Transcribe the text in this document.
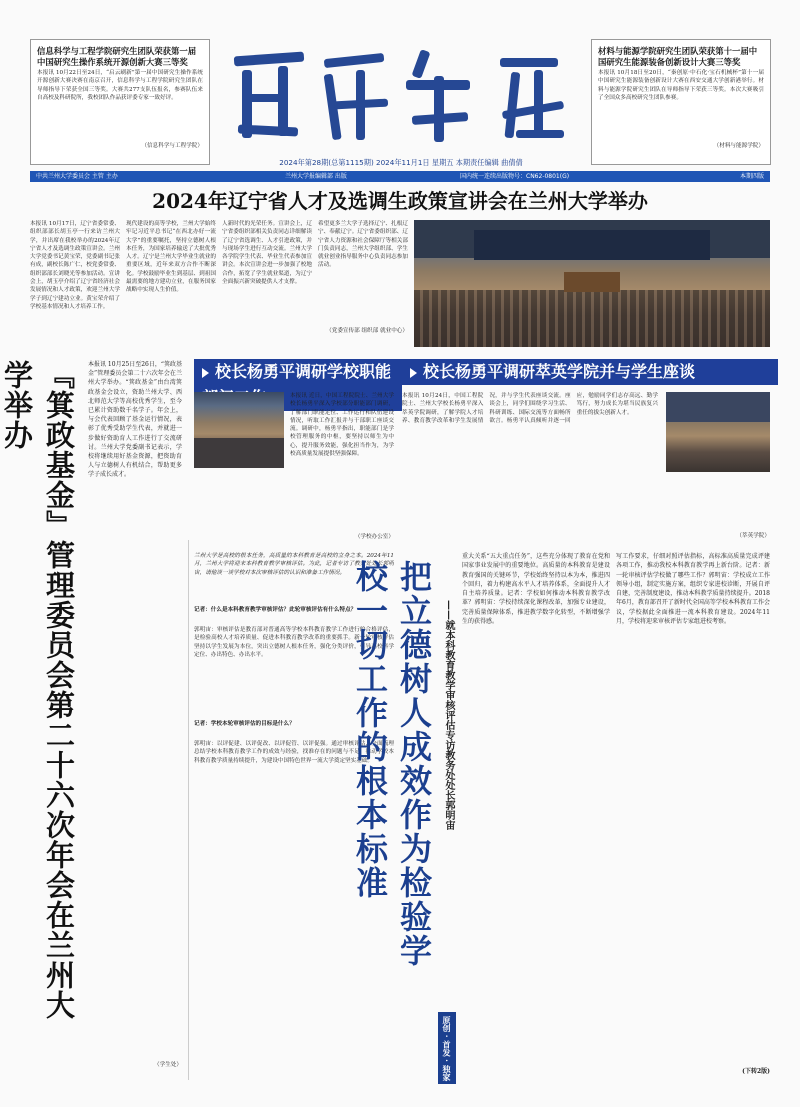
信息科学与工程学院研究生团队荣获第一届中国研究生操作系统开源创新大赛三等奖
本报讯 10月22日至24日，“启云刷新”第一届中国研究生操作系统开源创新大赛决赛在南京召开，信息科学与工程学院研究生团队在导师指导下荣获全国三等奖。大赛共277支队伍报名，参赛队伍来自高校及科研院所，我校团队作品获评委专家一致好评。
（信息科学与工程学院）
材料与能源学院研究生团队荣获第十一届中国研究生能源装备创新设计大赛三等奖
本报讯 10月18日至20日，“秦创原·中石化·宝石机械杯”第十一届中国研究生能源装备创新设计大赛在西安交通大学创新港举行。材料与能源学院研究生团队在导师指导下荣获三等奖。本次大赛吸引了全国众多高校研究生团队参赛。
（材料与能源学院）
2024年第28期(总第1115期) 2024年11月1日 星期五 本期责任编辑 曲倩倩
中共兰州大学委员会 主管 主办	兰州大学报编辑部 出版	国内统一连续出版物号：CN62-0801(G)	本期四版
2024年辽宁省人才及选调生政策宣讲会在兰州大学举办
本报讯 10月17日，辽宁省委常委、组织部部长胡玉亭一行来访兰州大学，并出席在我校举办的2024年辽宁省人才及选调生政策宣讲会。兰州大学党委书记黄宝荣，党委副书记张有成，副校长陈广仁，校党委常委、组织部部长刘晓光等参加活动。宣讲会上，胡玉亭介绍了辽宁省经济社会发展情况和人才政策，欢迎兰州大学学子到辽宁建功立业。黄宝荣介绍了学校基本情况和人才培养工作。
现代建设的高等学校，兰州大学始终牢记习近平总书记“在西北办好一流大学”的重要嘱托，坚持立德树人根本任务，为国家培养输送了大批优秀人才。辽宁是兰州大学毕业生就业的重要区域，近年来双方合作不断深化。学校鼓励毕业生到基层、到祖国最需要的地方建功立业，在服务国家战略中实现人生价值。
人新时代的光荣任务。宣讲会上，辽宁省委组织部相关负责同志详细解读了辽宁省选调生、人才引进政策，并与现场学生进行互动交流。兰州大学各学院学生代表、毕业生代表参加宣讲会。本次宣讲会进一步加强了校地合作，拓宽了学生就业渠道，为辽宁全面振兴新突破提供人才支撑。
希望更多兰大学子选择辽宁、扎根辽宁、奉献辽宁。辽宁省委组织部、辽宁省人力资源和社会保障厅等相关部门负责同志，兰州大学组织部、学生就业创业指导服务中心负责同志参加活动。
（党委宣传部 组织部 就业中心）
校长杨勇平调研学校职能	校长杨勇平调研萃英学院并与学生座谈
本报讯 近日，中国工程院院士、兰州大学校长杨勇平深入学校部分职能部门调研，了解部门职能定位、工作运行和队伍建设情况，听取工作汇报并与干部职工座谈交流。调研中，杨勇平指出，职能部门是学校管理服务的中枢，要坚持以师生为中心，提升服务效能，强化担当作为，为学校高质量发展提供坚强保障。
（学校办公室）
本报讯 10月24日，中国工程院院士、兰州大学校长杨勇平深入萃英学院调研，了解学院人才培养、教育教学改革和学生发展情况，并与学生代表座谈交流。座谈会上，同学们围绕学习生活、科研训练、国际交流等方面畅所欲言。杨勇平认真倾听并逐一回应，勉励同学们志存高远、勤学笃行，努力成长为堪当民族复兴重任的拔尖创新人才。
（萃英学院）
『箕政基金』管理委员会第二十六次年会在兰州大学举办	本报讯 10月25日至26日，“箕政基金”管理委员会第二十六次年会在兰州大学举办。“箕政基金”由台湾箕政基金会设立，资助兰州大学、西北师范大学等高校优秀学生，至今已累计资助数千名学子。年会上，与会代表回顾了基金运行情况，表彰了优秀受助学生代表，并就进一步做好资助育人工作进行了交流研讨。兰州大学党委副书记表示，学校将继续用好基金资源，把资助育人与立德树人有机结合，帮助更多学子成长成才。
（学生处）
兰州大学是高校的根本任务，高质量的本科教育是高校的立身之本。2024年11月，兰州大学将迎来本科教育教学审核评估。为此，记者专访了教务处处长郭明宙，请他谈一谈学校对本次审核评估的认识和准备工作情况。
记者：什么是本科教育教学审核评估？此轮审核评估有什么特点？
郭明宙：审核评估是教育部对普通高等学校本科教育教学工作进行的合格评估，是检验高校人才培养质量、促进本科教育教学改革的重要抓手。新一轮审核评估坚持以学生发展为本位，突出立德树人根本任务，强化分类评价，引导高校科学定位、办出特色、办出水平。
记者：学校本轮审核评估的目标是什么？
郭明宙：以评促建、以评促改、以评促管、以评促强。通过审核评估，全面梳理总结学校本科教育教学工作的成效与经验，找准存在的问题与不足，推动学校本科教育教学质量持续提升，为建设中国特色世界一流大学奠定坚实基础。 把立德树人成效作为检验学校一切工作的根本标准	——就本科教育教学审核评估专访教务处处长郭明宙
原创 · 首发 · 独家
重大关系“五大重点任务”，这些充分体现了教育在党和国家事业发展中的重要地位。高质量的本科教育是建设教育强国的关键环节，学校始终坚持以本为本，推进四个回归，着力构建高水平人才培养体系，全面提升人才自主培养质量。记者：学校如何推动本科教育教学改革？郭明宙：学校持续深化课程改革，加强专业建设，完善质量保障体系，推进教学数字化转型，不断增强学生的获得感。
写工作要求，仔细对照评估指标，高标准高质量完成评建各项工作，推动我校本科教育教学再上新台阶。记者：新一轮审核评估学校做了哪些工作？郭明宙：学校成立工作领导小组，制定实施方案，组织专家进校诊断，开展自评自建，完善制度建设，推动本科教学质量持续提升。2018年6月，教育部召开了新时代全国高等学校本科教育工作会议，学校据此全面推进一流本科教育建设。2024年11月，学校将迎来审核评估专家组进校考察。
(下转2版)
